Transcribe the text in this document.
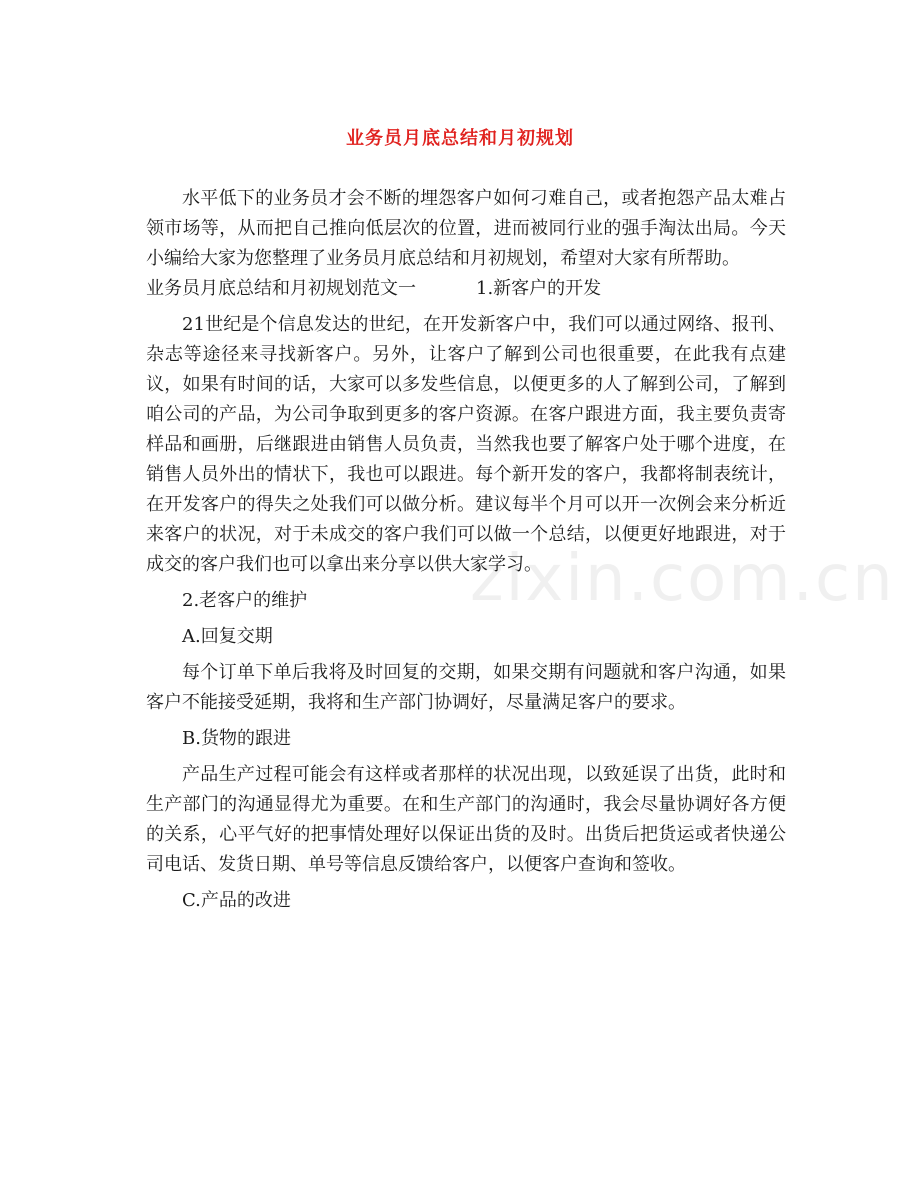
zixin.com.cn
业务员月底总结和月初规划

水平低下的业务员才会不断的埋怨客户如何刁难自己，或者抱怨产品太难占领市场等，从而把自己推向低层次的位置，进而被同行业的强手淘汰出局。今天小编给大家为您整理了业务员月底总结和月初规划，希望对大家有所帮助。

业务员月底总结和月初规划范文一	1.新客户的开发

21世纪是个信息发达的世纪，在开发新客户中，我们可以通过网络、报刊、杂志等途径来寻找新客户。另外，让客户了解到公司也很重要，在此我有点建议，如果有时间的话，大家可以多发些信息，以便更多的人了解到公司，了解到咱公司的产品，为公司争取到更多的客户资源。在客户跟进方面，我主要负责寄样品和画册，后继跟进由销售人员负责，当然我也要了解客户处于哪个进度，在销售人员外出的情状下，我也可以跟进。每个新开发的客户，我都将制表统计，在开发客户的得失之处我们可以做分析。建议每半个月可以开一次例会来分析近来客户的状况，对于未成交的客户我们可以做一个总结，以便更好地跟进，对于成交的客户我们也可以拿出来分享以供大家学习。

2.老客户的维护

A.回复交期

每个订单下单后我将及时回复的交期，如果交期有问题就和客户沟通，如果客户不能接受延期，我将和生产部门协调好，尽量满足客户的要求。

B.货物的跟进

产品生产过程可能会有这样或者那样的状况出现，以致延误了出货，此时和生产部门的沟通显得尤为重要。在和生产部门的沟通时，我会尽量协调好各方便的关系，心平气好的把事情处理好以保证出货的及时。出货后把货运或者快递公司电话、发货日期、单号等信息反馈给客户，以便客户查询和签收。

C.产品的改进
